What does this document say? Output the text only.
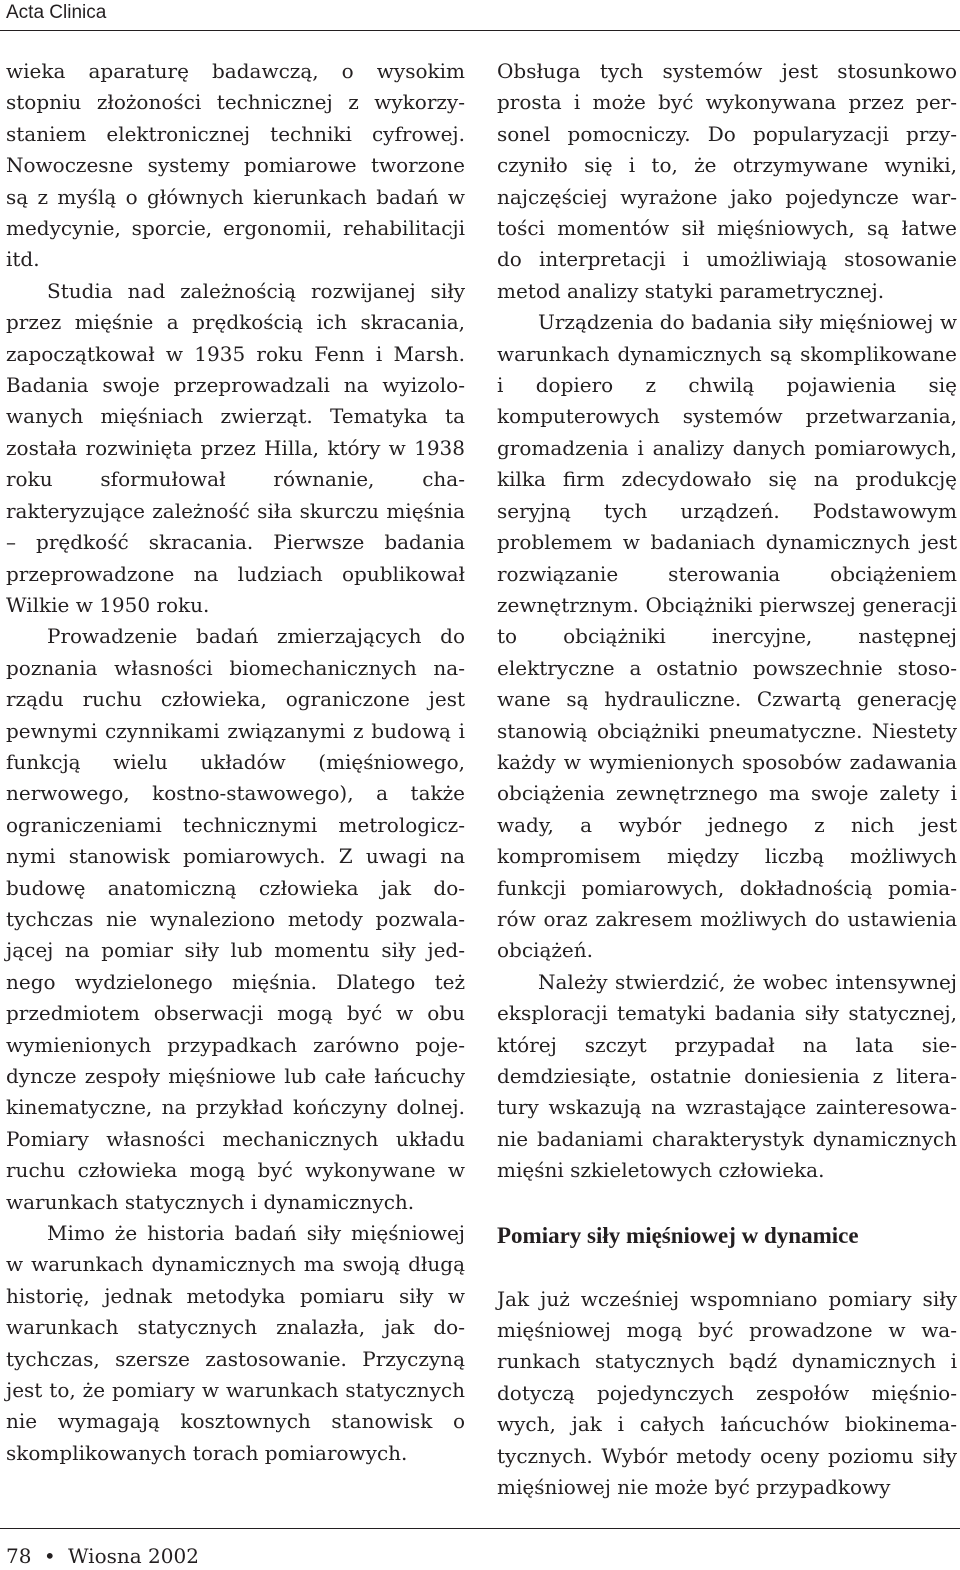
Acta Clinica

wieka aparaturę badawczą, o wysokim stopniu złożoności technicznej z wykorzystaniem elektronicznej techniki cyfrowej. Nowoczesne systemy pomiarowe tworzone są z myślą o głównych kierunkach badań w medycynie, sporcie, ergonomii, rehabilitacji itd.

Studia nad zależnością rozwijanej siły przez mięśnie a prędkością ich skracania, zapoczątkował w 1935 roku Fenn i Marsh. Badania swoje przeprowadzali na wyizolowanych mięśniach zwierząt. Tematyka ta została rozwinięta przez Hilla, który w 1938 roku sformułował równanie, charakteryzujące zależność siła skurczu mięśnia – prędkość skracania. Pierwsze badania przeprowadzone na ludziach opublikował Wilkie w 1950 roku.

Prowadzenie badań zmierzających do poznania własności biomechanicznych narządu ruchu człowieka, ograniczone jest pewnymi czynnikami związanymi z budową i funkcją wielu układów (mięśniowego, nerwowego, kostno-stawowego), a także ograniczeniami technicznymi metrologicznymi stanowisk pomiarowych. Z uwagi na budowę anatomiczną człowieka jak dotychczas nie wynaleziono metody pozwalającej na pomiar siły lub momentu siły jednego wydzielonego mięśnia. Dlatego też przedmiotem obserwacji mogą być w obu wymienionych przypadkach zarówno pojedyncze zespoły mięśniowe lub całe łańcuchy kinematyczne, na przykład kończyny dolnej. Pomiary własności mechanicznych układu ruchu człowieka mogą być wykonywane w warunkach statycznych i dynamicznych.

Mimo że historia badań siły mięśniowej w warunkach dynamicznych ma swoją długą historię, jednak metodyka pomiaru siły w warunkach statycznych znalazła, jak dotychczas, szersze zastosowanie. Przyczyną jest to, że pomiary w warunkach statycznych nie wymagają kosztownych stanowisk o skomplikowanych torach pomiarowych.

Obsługa tych systemów jest stosunkowo prosta i może być wykonywana przez personel pomocniczy. Do popularyzacji przyczyniło się i to, że otrzymywane wyniki, najczęściej wyrażone jako pojedyncze wartości momentów sił mięśniowych, są łatwe do interpretacji i umożliwiają stosowanie metod analizy statyki parametrycznej.

Urządzenia do badania siły mięśniowej w warunkach dynamicznych są skomplikowane i dopiero z chwilą pojawienia się komputerowych systemów przetwarzania, gromadzenia i analizy danych pomiarowych, kilka firm zdecydowało się na produkcję seryjną tych urządzeń. Podstawowym problemem w badaniach dynamicznych jest rozwiązanie sterowania obciążeniem zewnętrznym. Obciążniki pierwszej generacji to obciążniki inercyjne, następnej elektryczne a ostatnio powszechnie stosowane są hydrauliczne. Czwartą generację stanowią obciążniki pneumatyczne. Niestety każdy w wymienionych sposobów zadawania obciążenia zewnętrznego ma swoje zalety i wady, a wybór jednego z nich jest kompromisem między liczbą możliwych funkcji pomiarowych, dokładnością pomiarów oraz zakresem możliwych do ustawienia obciążeń.

Należy stwierdzić, że wobec intensywnej eksploracji tematyki badania siły statycznej, której szczyt przypadał na lata siedemdziesiąte, ostatnie doniesienia z literatury wskazują na wzrastające zainteresowanie badaniami charakterystyk dynamicznych mięśni szkieletowych człowieka.

Pomiary siły mięśniowej w dynamice

Jak już wcześniej wspomniano pomiary siły mięśniowej mogą być prowadzone w warunkach statycznych bądź dynamicznych i dotyczą pojedynczych zespołów mięśniowych, jak i całych łańcuchów biokinematycznych. Wybór metody oceny poziomu siły mięśniowej nie może być przypadkowy

78 • Wiosna 2002
